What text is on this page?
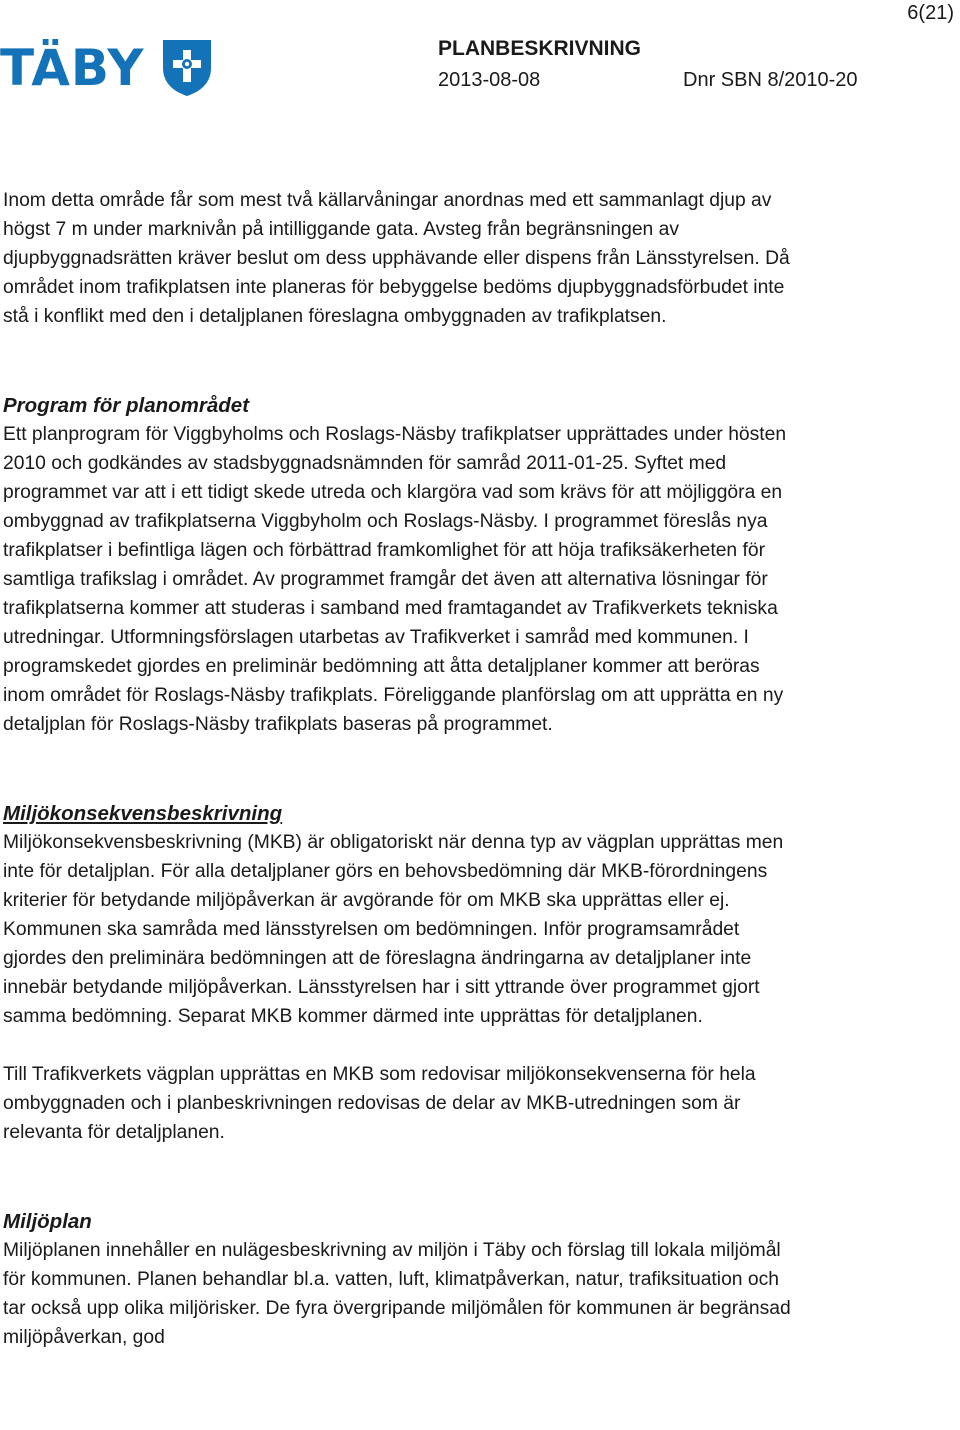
6(21)
TÄBY	PLANBESKRIVNING
2013-08-08	Dnr SBN 8/2010-20

Inom detta område får som mest två källarvåningar anordnas med ett sammanlagt djup av högst 7 m under marknivån på intilliggande gata. Avsteg från begränsningen av djupbyggnadsrätten kräver beslut om dess upphävande eller dispens från Länsstyrelsen. Då området inom trafikplatsen inte planeras för bebyggelse bedöms djupbyggnadsförbudet inte stå i konflikt med den i detaljplanen föreslagna ombyggnaden av trafikplatsen.

Program för planområdet

Ett planprogram för Viggbyholms och Roslags-Näsby trafikplatser upprättades under hösten 2010 och godkändes av stadsbyggnadsnämnden för samråd 2011-01-25. Syftet med programmet var att i ett tidigt skede utreda och klargöra vad som krävs för att möjliggöra en ombyggnad av trafikplatserna Viggbyholm och Roslags-Näsby. I programmet föreslås nya trafikplatser i befintliga lägen och förbättrad framkomlighet för att höja trafiksäkerheten för samtliga trafikslag i området. Av programmet framgår det även att alternativa lösningar för trafikplatserna kommer att studeras i samband med framtagandet av Trafikverkets tekniska utredningar. Utformningsförslagen utarbetas av Trafikverket i samråd med kommunen. I programskedet gjordes en preliminär bedömning att åtta detaljplaner kommer att beröras inom området för Roslags-Näsby trafikplats. Föreliggande planförslag om att upprätta en ny detaljplan för Roslags-Näsby trafikplats baseras på programmet.

Miljökonsekvensbeskrivning

Miljökonsekvensbeskrivning (MKB) är obligatoriskt när denna typ av vägplan upprättas men inte för detaljplan. För alla detaljplaner görs en behovsbedömning där MKB-förordningens kriterier för betydande miljöpåverkan är avgörande för om MKB ska upprättas eller ej. Kommunen ska samråda med länsstyrelsen om bedömningen. Inför programsamrådet gjordes den preliminära bedömningen att de föreslagna ändringarna av detaljplaner inte innebär betydande miljöpåverkan. Länsstyrelsen har i sitt yttrande över programmet gjort samma bedömning. Separat MKB kommer därmed inte upprättas för detaljplanen.

Till Trafikverkets vägplan upprättas en MKB som redovisar miljökonsekvenserna för hela ombyggnaden och i planbeskrivningen redovisas de delar av MKB-utredningen som är relevanta för detaljplanen.

Miljöplan

Miljöplanen innehåller en nulägesbeskrivning av miljön i Täby och förslag till lokala miljömål för kommunen. Planen behandlar bl.a. vatten, luft, klimatpåverkan, natur, trafiksituation och tar också upp olika miljörisker. De fyra övergripande miljömålen för kommunen är begränsad miljöpåverkan, god
